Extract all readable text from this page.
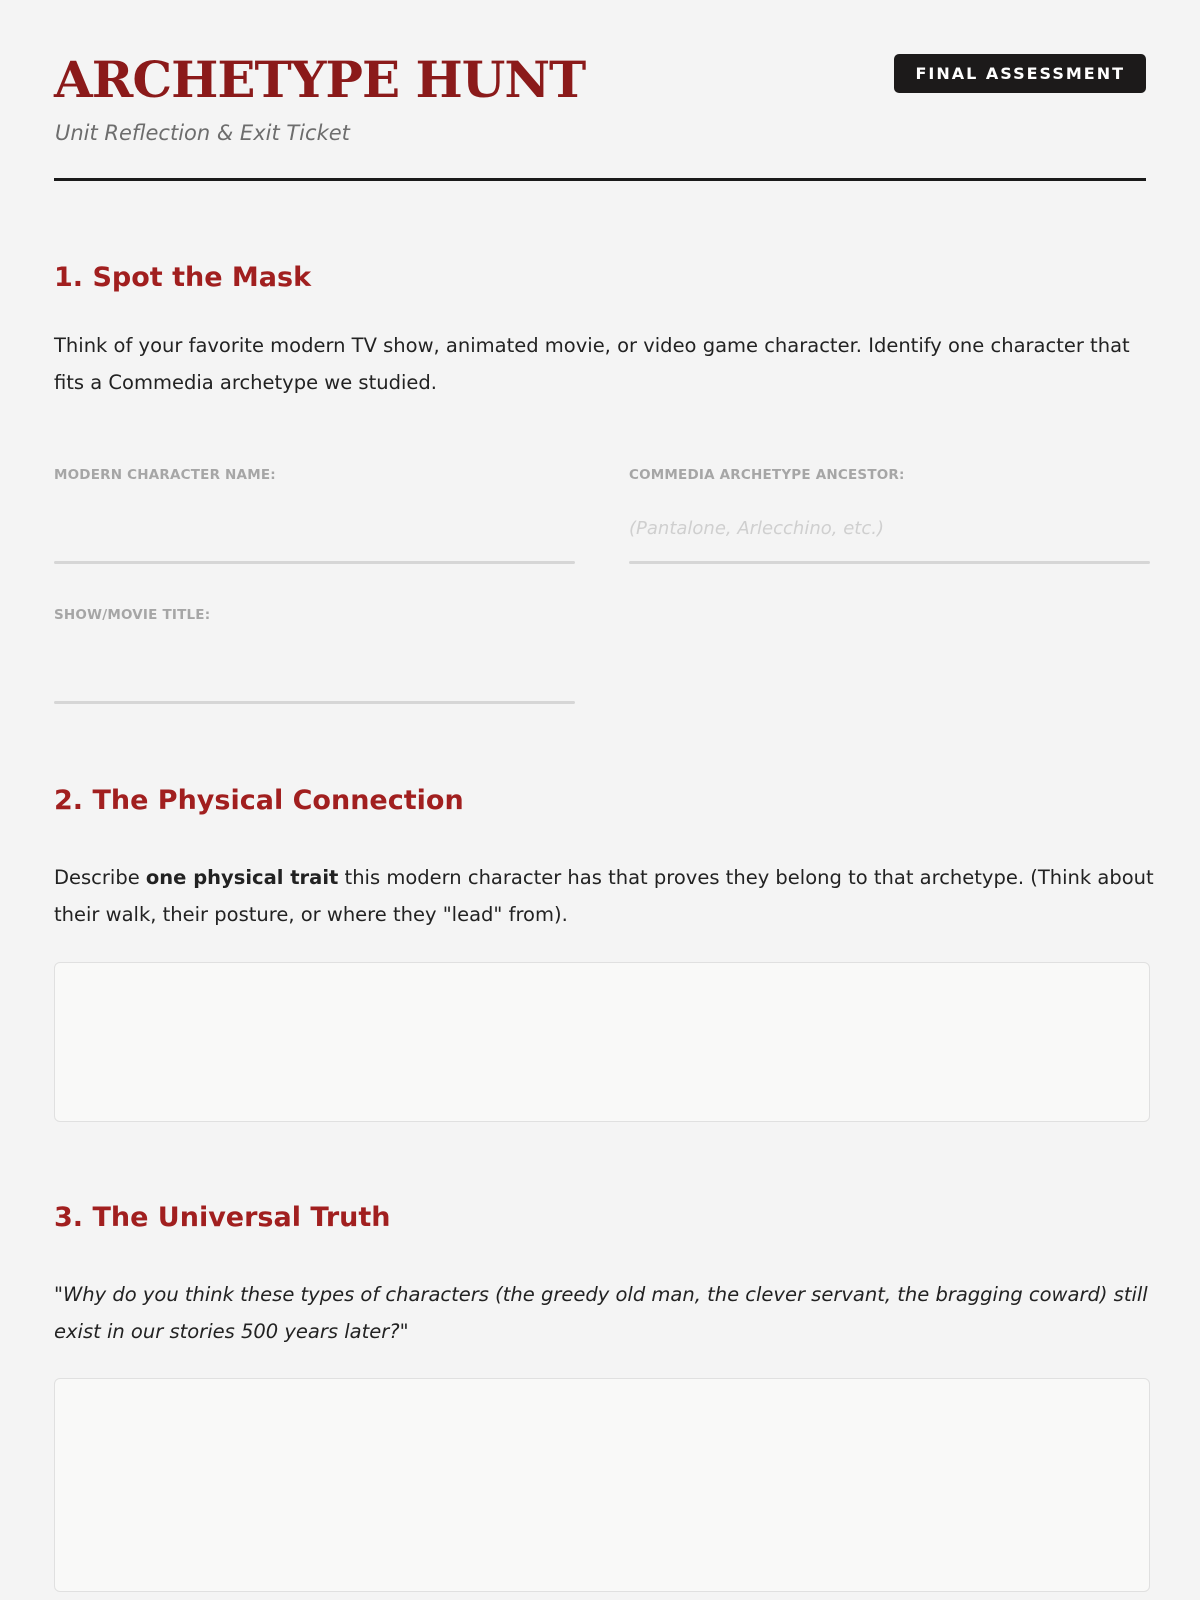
ARCHETYPE HUNT
Unit Reflection & Exit Ticket
FINAL ASSESSMENT
1. Spot the Mask

Think of your favorite modern TV show, animated movie, or video game character. Identify one character that fits a Commedia archetype we studied.

MODERN CHARACTER NAME:	COMMEDIA ARCHETYPE ANCESTOR:
(Pantalone, Arlecchino, etc.)
SHOW/MOVIE TITLE:
2. The Physical Connection

Describe one physical trait this modern character has that proves they belong to that archetype. (Think about their walk, their posture, or where they "lead" from).

3. The Universal Truth

"Why do you think these types of characters (the greedy old man, the clever servant, the bragging coward) still exist in our stories 500 years later?"
